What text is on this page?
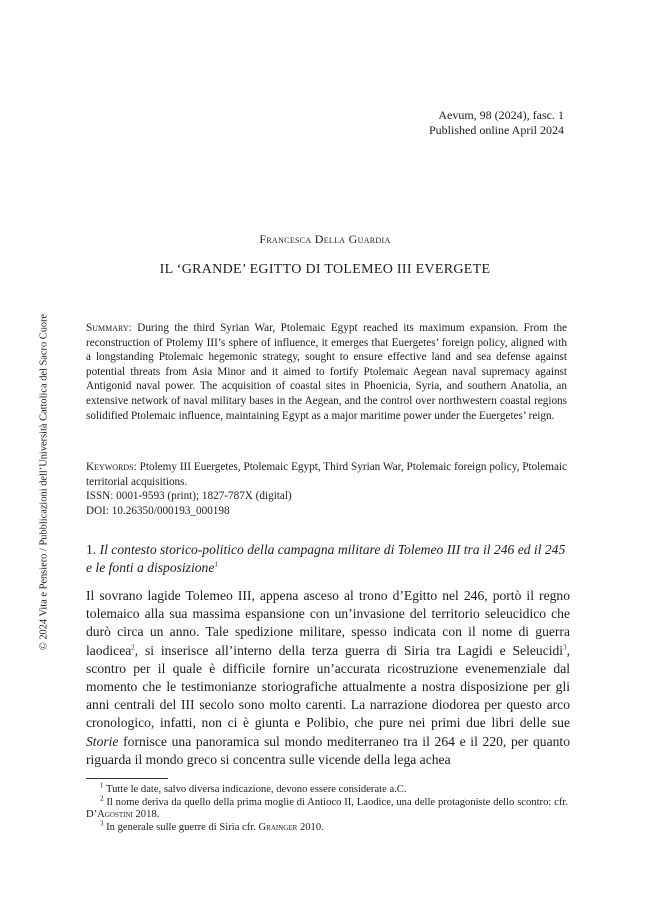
Aevum, 98 (2024), fasc. 1
Published online April 2024
Francesca Della Guardia
IL ‘GRANDE’ EGITTO DI TOLEMEO III EVERGETE
Summary: During the third Syrian War, Ptolemaic Egypt reached its maximum expansion. From the reconstruction of Ptolemy III’s sphere of influence, it emerges that Euergetes’ foreign policy, aligned with a longstanding Ptolemaic hegemonic strategy, sought to ensure effective land and sea defense against potential threats from Asia Minor and it aimed to fortify Ptolemaic Aegean naval supremacy against Antigonid naval power. The acquisition of coastal sites in Phoenicia, Syria, and southern Anatolia, an extensive network of naval military bases in the Aegean, and the control over northwestern coastal regions solidified Ptolemaic influence, maintaining Egypt as a major maritime power under the Euergetes’ reign.
Keywords: Ptolemy III Euergetes, Ptolemaic Egypt, Third Syrian War, Ptolemaic foreign policy, Ptolemaic territorial acquisitions.
ISSN: 0001-9593 (print); 1827-787X (digital)
DOI: 10.26350/000193_000198
1. Il contesto storico-politico della campagna militare di Tolemeo III tra il 246 ed il 245 e le fonti a disposizione$^1$
Il sovrano lagide Tolemeo III, appena asceso al trono d’Egitto nel 246, portò il regno tolemaico alla sua massima espansione con un’invasione del territorio seleucidico che durò circa un anno. Tale spedizione militare, spesso indicata con il nome di guerra laodicea$^2$, si inserisce all’interno della terza guerra di Siria tra Lagidi e Seleucidi$^3$, scontro per il quale è difficile fornire un’accurata ricostruzione evenemenziale dal momento che le testimonianze storiografiche attualmente a nostra disposizione per gli anni centrali del III secolo sono molto carenti. La narrazione diodorea per questo arco cronologico, infatti, non ci è giunta e Polibio, che pure nei primi due libri delle sue Storie fornisce una panoramica sul mondo mediterraneo tra il 264 e il 220, per quanto riguarda il mondo greco si concentra sulle vicende della lega achea
$^1$ Tutte le date, salvo diversa indicazione, devono essere considerate a.C.
$^2$ Il nome deriva da quello della prima moglie di Antioco II, Laodice, una delle protagoniste dello scontro: cfr. D’Agostini 2018.
$^3$ In generale sulle guerre di Siria cfr. Grainger 2010.
© 2024 Vita e Pensiero / Pubblicazioni dell’Università Cattolica del Sacro Cuore
